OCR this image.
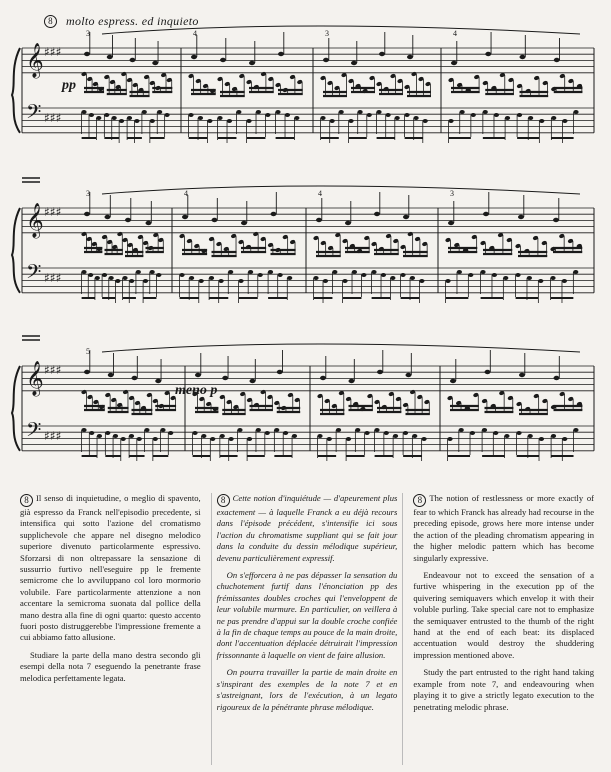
𝄞 ♯♯♯
𝄢 ♯♯♯
3	4	3	4
𝄞 ♯♯♯
𝄢 ♯♯♯
3	4	4	3
𝄞 ♯♯♯
𝄢 ♯♯♯
5
8	molto espress. ed inquieto
pp
meno p

8 Il senso di inquietudine, o meglio di spavento, già espresso da Franck nell'episodio precedente, si intensifica qui sotto l'azione del cromatismo supplichevole che appare nel disegno melodico superiore divenuto particolarmente espressivo. Sforzarsi di non oltrepassare la sensazione di sussurrio furtivo nell'eseguire pp le fremente semicrome che lo avviluppano col loro mormorio volubile. Fare particolarmente attenzione a non accentare la semicroma suonata dal pollice della mano destra alla fine di ogni quarto: questo accento fuori posto distruggerebbe l'impressione fremente a cui abbiamo fatto allusione.

Studiare la parte della mano destra secondo gli esempi della nota 7 eseguendo la penetrante frase melodica perfettamente legata.

8 Cette notion d'inquiétude — d'apeurement plus exactement — à laquelle Franck a eu déjà recours dans l'épisode précédent, s'intensifie ici sous l'action du chromatisme suppliant qui se fait jour dans la conduite du dessin mélodique supérieur, devenu particulièrement expressif.

On s'efforcera à ne pas dépasser la sensation du chuchotement furtif dans l'énonciation pp des frémissantes doubles croches qui l'enveloppent de leur volubile murmure. En particulier, on veillera à ne pas prendre d'appui sur la double croche confiée à la fin de chaque temps au pouce de la main droite, dont l'accentuation déplacée détruirait l'impression frissonnante à laquelle on vient de faire allusion.

On pourra travailler la partie de main droite en s'inspirant des exemples de la note 7 et en s'astreignant, lors de l'exécution, à un legato rigoureux de la pénétrante phrase mélodique.

8 The notion of restlessness or more exactly of fear to which Franck has already had recourse in the preceding episode, grows here more intense under the action of the pleading chromatism appearing in the higher melodic pattern which has become singularly expressive.

Endeavour not to exceed the sensation of a furtive whispering in the execution pp of the quivering semiquavers which envelop it with their voluble purling. Take special care not to emphasize the semiquaver entrusted to the thumb of the right hand at the end of each beat: its displaced accentuation would destroy the shuddering impression mentioned above.

Study the part entrusted to the right hand taking example from note 7, and endeavouring when playing it to give a strictly legato execution to the penetrating melodic phrase.
